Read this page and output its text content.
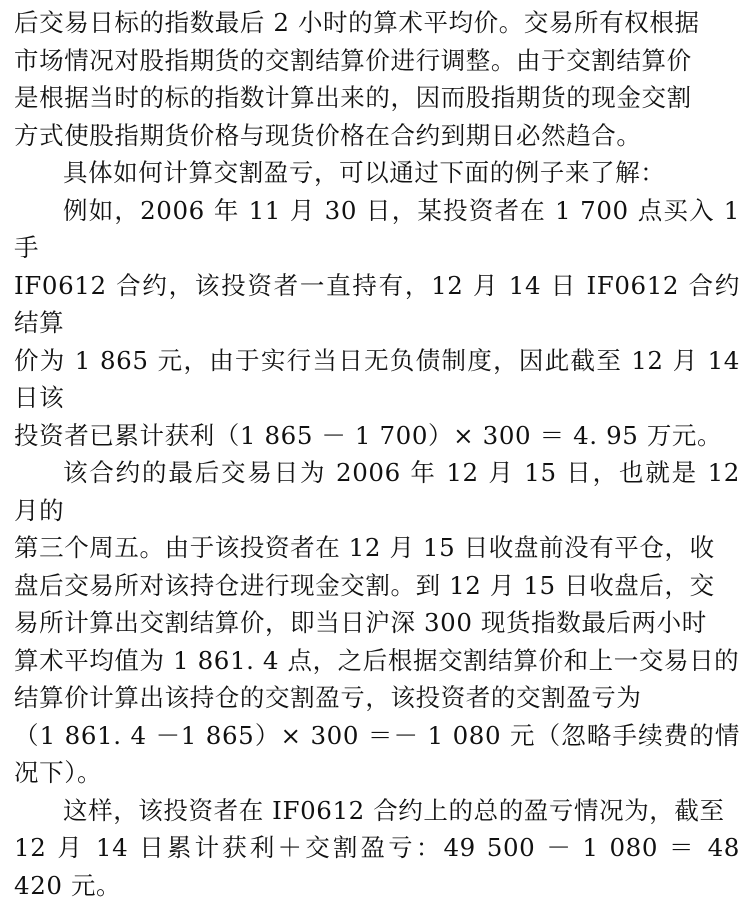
后交易日标的指数最后 2 小时的算术平均价。交易所有权根据
市场情况对股指期货的交割结算价进行调整。由于交割结算价
是根据当时的标的指数计算出来的，因而股指期货的现金交割
方式使股指期货价格与现货价格在合约到期日必然趋合。

具体如何计算交割盈亏，可以通过下面的例子来了解：

例如，2006 年 11 月 30 日，某投资者在 1 700 点买入 1 手
IF0612 合约，该投资者一直持有，12 月 14 日 IF0612 合约结算
价为 1 865 元，由于实行当日无负债制度，因此截至 12 月 14 日该
投资者已累计获利（1 865 － 1 700）× 300 ＝ 4. 95 万元。

该合约的最后交易日为 2006 年 12 月 15 日，也就是 12 月的
第三个周五。由于该投资者在 12 月 15 日收盘前没有平仓，收
盘后交易所对该持仓进行现金交割。到 12 月 15 日收盘后，交
易所计算出交割结算价，即当日沪深 300 现货指数最后两小时
算术平均值为 1 861. 4 点，之后根据交割结算价和上一交易日的
结算价计算出该持仓的交割盈亏，该投资者的交割盈亏为
（1 861. 4 －1 865）× 300 ＝－ 1 080 元（忽略手续费的情况下）。

这样，该投资者在 IF0612 合约上的总的盈亏情况为，截至
12 月 14 日累计获利＋交割盈亏：49 500 － 1 080 ＝ 48 420 元。
